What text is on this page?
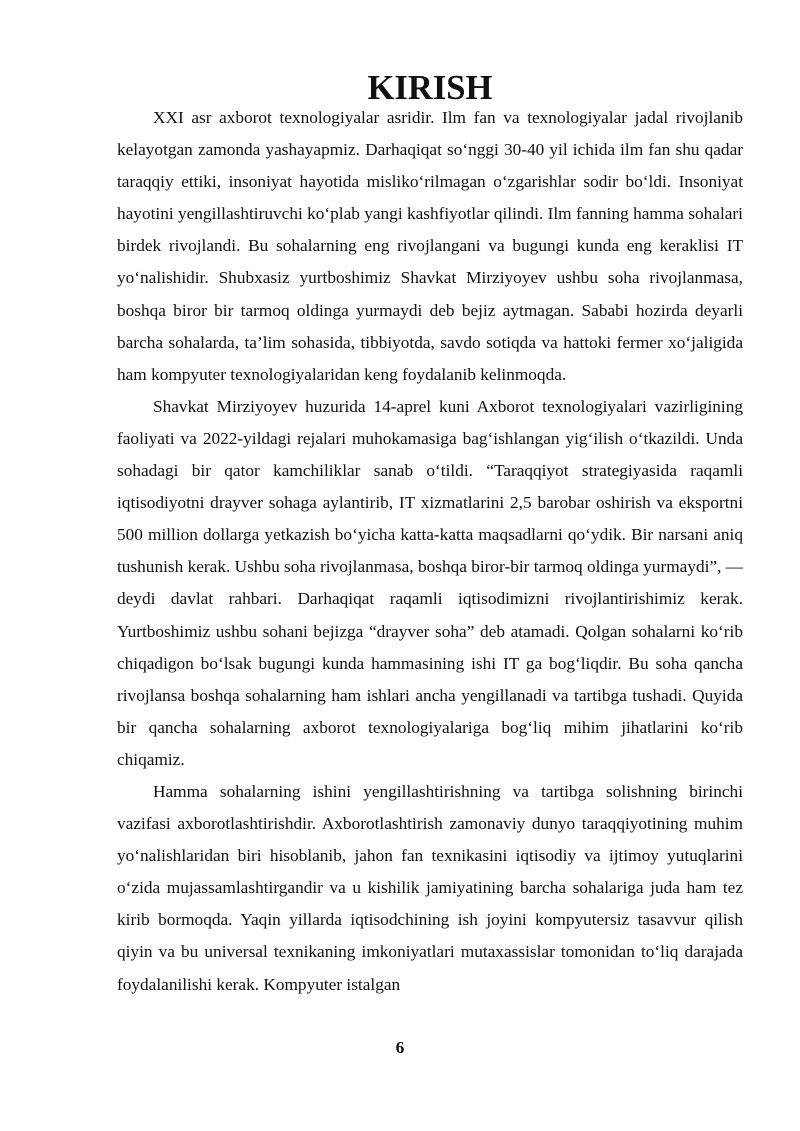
KIRISH

XXI asr axborot texnologiyalar asridir. Ilm fan va texnologiyalar jadal rivojlanib kelayotgan zamonda yashayapmiz. Darhaqiqat so‘nggi 30-40 yil ichida ilm fan shu qadar taraqqiy ettiki, insoniyat hayotida misliko‘rilmagan o‘zgarishlar sodir bo‘ldi. Insoniyat hayotini yengillashtiruvchi ko‘plab yangi kashfiyotlar qilindi. Ilm fanning hamma sohalari birdek rivojlandi. Bu sohalarning eng rivojlangani va bugungi kunda eng keraklisi IT yo‘nalishidir. Shubxasiz yurtboshimiz Shavkat Mirziyoyev ushbu soha rivojlanmasa, boshqa biror bir tarmoq oldinga yurmaydi deb bejiz aytmagan. Sababi hozirda deyarli barcha sohalarda, ta’lim sohasida, tibbiyotda, savdo sotiqda va hattoki fermer xo‘jaligida ham kompyuter texnologiyalaridan keng foydalanib kelinmoqda.

Shavkat Mirziyoyev huzurida 14-aprel kuni Axborot texnologiyalari vazirligining faoliyati va 2022-yildagi rejalari muhokamasiga bag‘ishlangan yig‘ilish o‘tkazildi. Unda sohadagi bir qator kamchiliklar sanab o‘tildi. “Taraqqiyot strategiyasida raqamli iqtisodiyotni drayver sohaga aylantirib, IT xizmatlarini 2,5 barobar oshirish va eksportni 500 million dollarga yetkazish bo‘yicha katta-katta maqsadlarni qo‘ydik. Bir narsani aniq tushunish kerak. Ushbu soha rivojlanmasa, boshqa biror-bir tarmoq oldinga yurmaydi”, — deydi davlat rahbari. Darhaqiqat raqamli iqtisodimizni rivojlantirishimiz kerak. Yurtboshimiz ushbu sohani bejizga “drayver soha” deb atamadi. Qolgan sohalarni ko‘rib chiqadigon bo‘lsak bugungi kunda hammasining ishi IT ga bog‘liqdir. Bu soha qancha rivojlansa boshqa sohalarning ham ishlari ancha yengillanadi va tartibga tushadi. Quyida bir qancha sohalarning axborot texnologiyalariga bog‘liq mihim jihatlarini ko‘rib chiqamiz.

Hamma sohalarning ishini yengillashtirishning va tartibga solishning birinchi vazifasi axborotlashtirishdir. Axborotlashtirish zamonaviy dunyo taraqqiyotining muhim yo‘nalishlaridan biri hisoblanib, jahon fan texnikasini iqtisodiy va ijtimoy yutuqlarini o‘zida mujassamlashtirgandir va u kishilik jamiyatining barcha sohalariga juda ham tez kirib bormoqda. Yaqin yillarda iqtisodchining ish joyini kompyutersiz tasavvur qilish qiyin va bu universal texnikaning imkoniyatlari mutaxassislar tomonidan to‘liq darajada foydalanilishi kerak. Kompyuter istalgan

6
